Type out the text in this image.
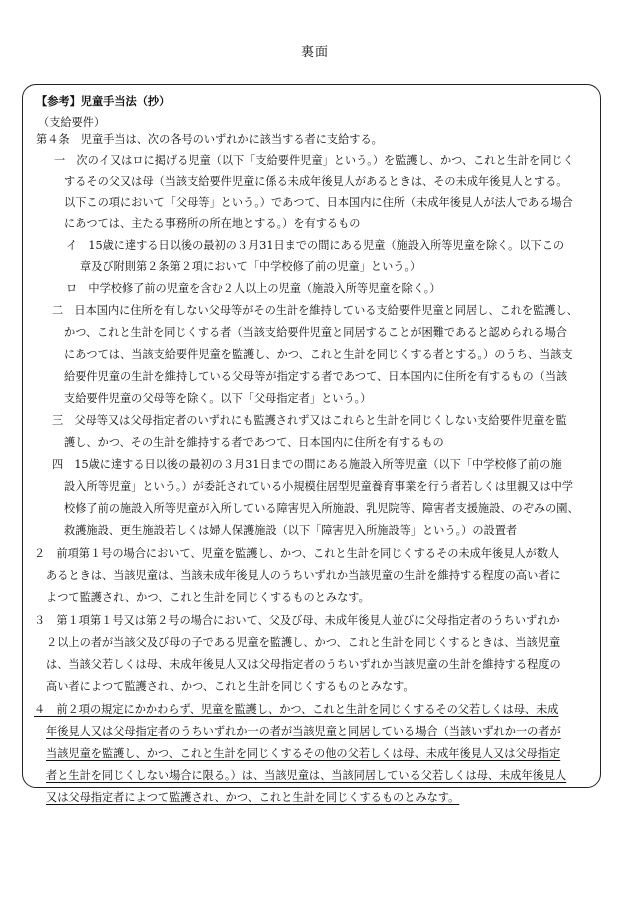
裏面
【参考】児童手当法（抄）
（支給要件）
第４条　児童手当は、次の各号のいずれかに該当する者に支給する。
一　次のイ又はロに掲げる児童（以下「支給要件児童」という。）を監護し、かつ、これと生計を同じく
するその父又は母（当該支給要件児童に係る未成年後見人があるときは、その未成年後見人とする。
以下この項において「父母等」という。）であつて、日本国内に住所（未成年後見人が法人である場合
にあつては、主たる事務所の所在地とする。）を有するもの
イ　15歳に達する日以後の最初の３月31日までの間にある児童（施設入所等児童を除く。以下この
章及び附則第２条第２項において「中学校修了前の児童」という。）
ロ　中学校修了前の児童を含む２人以上の児童（施設入所等児童を除く。）
二　日本国内に住所を有しない父母等がその生計を維持している支給要件児童と同居し、これを監護し、
かつ、これと生計を同じくする者（当該支給要件児童と同居することが困難であると認められる場合
にあつては、当該支給要件児童を監護し、かつ、これと生計を同じくする者とする。）のうち、当該支
給要件児童の生計を維持している父母等が指定する者であつて、日本国内に住所を有するもの（当該
支給要件児童の父母等を除く。以下「父母指定者」という。）
三　父母等又は父母指定者のいずれにも監護されず又はこれらと生計を同じくしない支給要件児童を監
護し、かつ、その生計を維持する者であつて、日本国内に住所を有するもの
四　15歳に達する日以後の最初の３月31日までの間にある施設入所等児童（以下「中学校修了前の施
設入所等児童」という。）が委託されている小規模住居型児童養育事業を行う者若しくは里親又は中学
校修了前の施設入所等児童が入所している障害児入所施設、乳児院等、障害者支援施設、のぞみの園、
救護施設、更生施設若しくは婦人保護施設（以下「障害児入所施設等」という。）の設置者
２　前項第１号の場合において、児童を監護し、かつ、これと生計を同じくするその未成年後見人が数人
あるときは、当該児童は、当該未成年後見人のうちいずれか当該児童の生計を維持する程度の高い者に
よつて監護され、かつ、これと生計を同じくするものとみなす。
３　第１項第１号又は第２号の場合において、父及び母、未成年後見人並びに父母指定者のうちいずれか
２以上の者が当該父及び母の子である児童を監護し、かつ、これと生計を同じくするときは、当該児童
は、当該父若しくは母、未成年後見人又は父母指定者のうちいずれか当該児童の生計を維持する程度の
高い者によつて監護され、かつ、これと生計を同じくするものとみなす。
４　前２項の規定にかかわらず、児童を監護し、かつ、これと生計を同じくするその父若しくは母、未成
年後見人又は父母指定者のうちいずれか一の者が当該児童と同居している場合（当該いずれか一の者が
当該児童を監護し、かつ、これと生計を同じくするその他の父若しくは母、未成年後見人又は父母指定
者と生計を同じくしない場合に限る。）は、当該児童は、当該同居している父若しくは母、未成年後見人
又は父母指定者によつて監護され、かつ、これと生計を同じくするものとみなす。
